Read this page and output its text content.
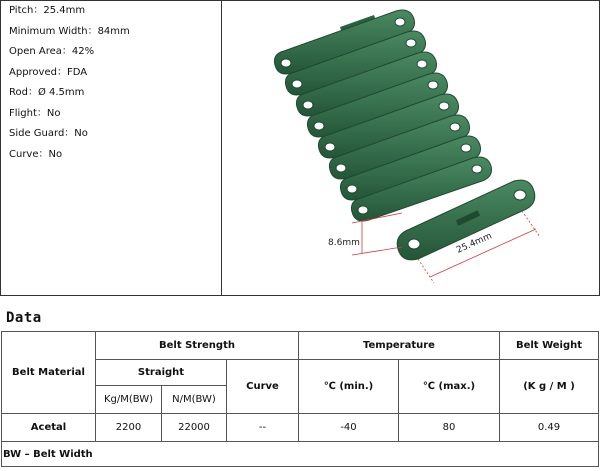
Pitch：25.4mm
Minimum Width：84mm
Open Area：42%
Approved：FDA
Rod：Ø 4.5mm
Flight：No
Side Guard：No
Curve：No
8.6mm	25.4mm
Data
Belt Material	Belt Strength			Temperature		Belt Weight
	Straight		Curve	℃ (min.)	℃ (max.)	(K g / M )
	Kg/M(BW)	N/M(BW)				
Acetal	2200	22000	--	-40	80	0.49
BW – Belt Width						
